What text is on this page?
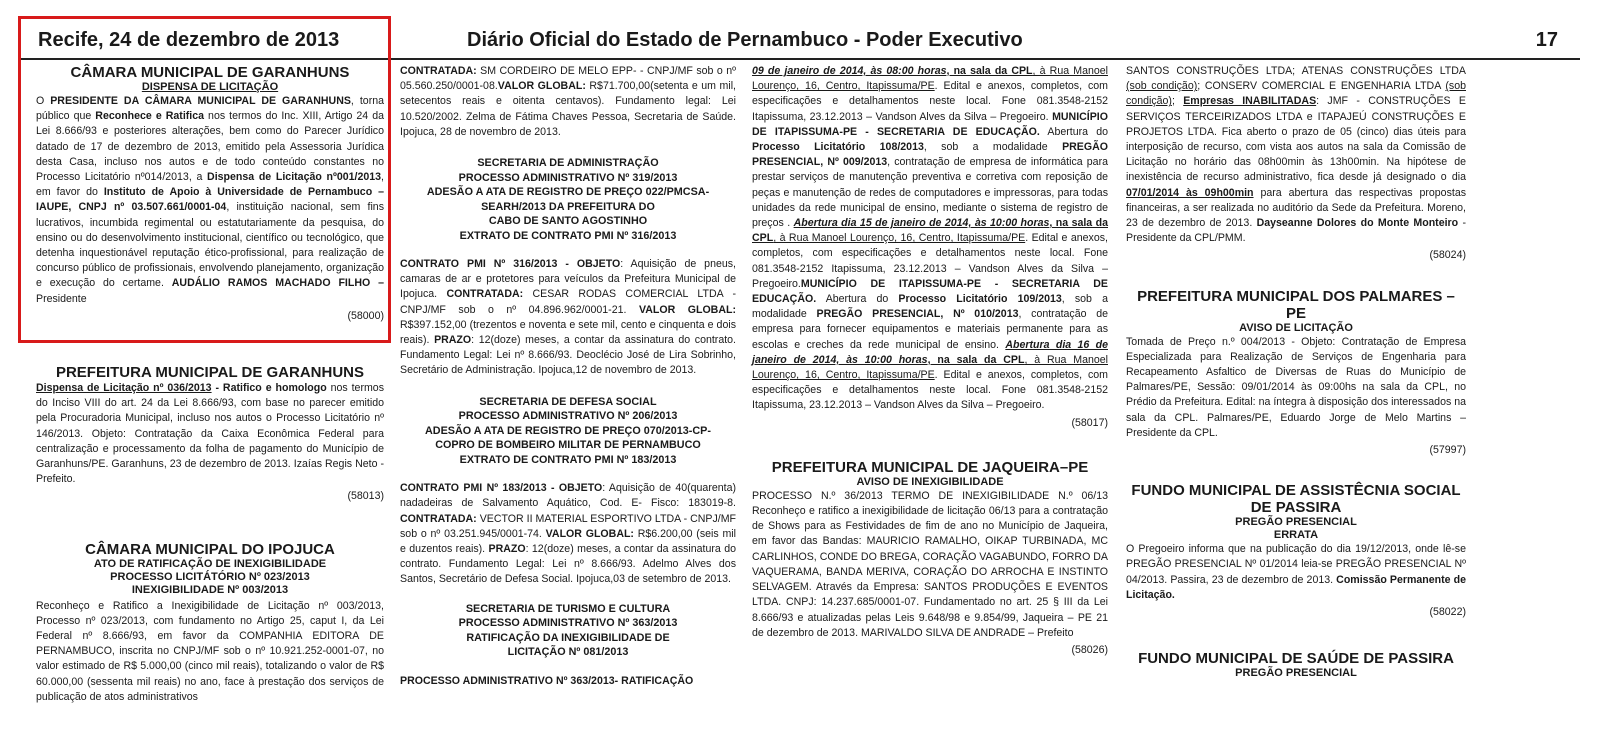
Recife, 24 de dezembro de 2013	Diário Oficial do Estado de Pernambuco - Poder Executivo	17
CÂMARA MUNICIPAL DE GARANHUNS
DISPENSA DE LICITAÇÃO

O PRESIDENTE DA CÂMARA MUNICIPAL DE GARANHUNS, torna público que Reconhece e Ratifica nos termos do Inc. XIII, Artigo 24 da Lei 8.666/93 e posteriores alterações, bem como do Parecer Jurídico datado de 17 de dezembro de 2013, emitido pela Assessoria Jurídica desta Casa, incluso nos autos e de todo conteúdo constantes no Processo Licitatório nº014/2013, a Dispensa de Licitação nº001/2013, em favor do Instituto de Apoio à Universidade de Pernambuco – IAUPE, CNPJ nº 03.507.661/0001-04, instituição nacional, sem fins lucrativos, incumbida regimental ou estatutariamente da pesquisa, do ensino ou do desenvolvimento institucional, científico ou tecnológico, que detenha inquestionável reputação ético-profissional, para realização de concurso público de profissionais, envolvendo planejamento, organização e execução do certame. AUDÁLIO RAMOS MACHADO FILHO – Presidente

(58000)

PREFEITURA MUNICIPAL DE GARANHUNS

Dispensa de Licitação nº 036/2013 - Ratifico e homologo nos termos do Inciso VIII do art. 24 da Lei 8.666/93, com base no parecer emitido pela Procuradoria Municipal, incluso nos autos o Processo Licitatório nº 146/2013. Objeto: Contratação da Caixa Econômica Federal para centralização e processamento da folha de pagamento do Município de Garanhuns/PE. Garanhuns, 23 de dezembro de 2013. Izaías Regis Neto - Prefeito.

(58013)

CÂMARA MUNICIPAL DO IPOJUCA
ATO DE RATIFICAÇÃO DE INEXIGIBILIDADE
PROCESSO LICITÁTÓRIO Nº 023/2013
INEXIGIBILIDADE Nº 003/2013

Reconheço e Ratifico a Inexigibilidade de Licitação nº 003/2013, Processo nº 023/2013, com fundamento no Artigo 25, caput I, da Lei Federal nº 8.666/93, em favor da COMPANHIA EDITORA DE PERNAMBUCO, inscrita no CNPJ/MF sob o nº 10.921.252-0001-07, no valor estimado de R$ 5.000,00 (cinco mil reais), totalizando o valor de R$ 60.000,00 (sessenta mil reais) no ano, face à prestação dos serviços de publicação de atos administrativos

CONTRATADA: SM CORDEIRO DE MELO EPP- - CNPJ/MF sob o nº 05.560.250/0001-08.VALOR GLOBAL: R$71.700,00(setenta e um mil, setecentos reais e oitenta centavos). Fundamento legal: Lei 10.520/2002. Zelma de Fátima Chaves Pessoa, Secretaria de Saúde. Ipojuca, 28 de novembro de 2013.

SECRETARIA DE ADMINISTRAÇÃO
PROCESSO ADMINISTRATIVO Nº 319/2013
ADESÃO A ATA DE REGISTRO DE PREÇO 022/PMCSA-
SEARH/2013 DA PREFEITURA DO
CABO DE SANTO AGOSTINHO
EXTRATO DE CONTRATO PMI Nº 316/2013

CONTRATO PMI Nº 316/2013 - OBJETO: Aquisição de pneus, camaras de ar e protetores para veículos da Prefeitura Municipal de Ipojuca. CONTRATADA: CESAR RODAS COMERCIAL LTDA - CNPJ/MF sob o nº 04.896.962/0001-21. VALOR GLOBAL: R$397.152,00 (trezentos e noventa e sete mil, cento e cinquenta e dois reais). PRAZO: 12(doze) meses, a contar da assinatura do contrato. Fundamento Legal: Lei nº 8.666/93. Deoclécio José de Lira Sobrinho, Secretário de Administração. Ipojuca,12 de novembro de 2013.

SECRETARIA DE DEFESA SOCIAL
PROCESSO ADMINISTRATIVO Nº 206/2013
ADESÃO A ATA DE REGISTRO DE PREÇO 070/2013-CP-
COPRO DE BOMBEIRO MILITAR DE PERNAMBUCO
EXTRATO DE CONTRATO PMI Nº 183/2013

CONTRATO PMI Nº 183/2013 - OBJETO: Aquisição de 40(quarenta) nadadeiras de Salvamento Aquático, Cod. E- Fisco: 183019-8. CONTRATADA: VECTOR II MATERIAL ESPORTIVO LTDA - CNPJ/MF sob o nº 03.251.945/0001-74. VALOR GLOBAL: R$6.200,00 (seis mil e duzentos reais). PRAZO: 12(doze) meses, a contar da assinatura do contrato. Fundamento Legal: Lei nº 8.666/93. Adelmo Alves dos Santos, Secretário de Defesa Social. Ipojuca,03 de setembro de 2013.

SECRETARIA DE TURISMO E CULTURA
PROCESSO ADMINISTRATIVO Nº 363/2013
RATIFICAÇÃO DA INEXIGIBILIDADE DE
LICITAÇÃO Nº 081/2013

PROCESSO ADMINISTRATIVO Nº 363/2013- RATIFICAÇÃO

09 de janeiro de 2014, às 08:00 horas, na sala da CPL, à Rua Manoel Lourenço, 16, Centro, Itapissuma/PE. Edital e anexos, completos, com especificações e detalhamentos neste local. Fone 081.3548-2152 Itapissuma, 23.12.2013 – Vandson Alves da Silva – Pregoeiro. MUNICÍPIO DE ITAPISSUMA-PE - SECRETARIA DE EDUCAÇÃO. Abertura do Processo Licitatório 108/2013, sob a modalidade PREGÃO PRESENCIAL, Nº 009/2013, contratação de empresa de informática para prestar serviços de manutenção preventiva e corretiva com reposição de peças e manutenção de redes de computadores e impressoras, para todas unidades da rede municipal de ensino, mediante o sistema de registro de preços . Abertura dia 15 de janeiro de 2014, às 10:00 horas, na sala da CPL, à Rua Manoel Lourenço, 16, Centro, Itapissuma/PE. Edital e anexos, completos, com especificações e detalhamentos neste local. Fone 081.3548-2152 Itapissuma, 23.12.2013 – Vandson Alves da Silva – Pregoeiro.MUNICÍPIO DE ITAPISSUMA-PE - SECRETARIA DE EDUCAÇÃO. Abertura do Processo Licitatório 109/2013, sob a modalidade PREGÃO PRESENCIAL, Nº 010/2013, contratação de empresa para fornecer equipamentos e materiais permanente para as escolas e creches da rede municipal de ensino. Abertura dia 16 de janeiro de 2014, às 10:00 horas, na sala da CPL, à Rua Manoel Lourenço, 16, Centro, Itapissuma/PE. Edital e anexos, completos, com especificações e detalhamentos neste local. Fone 081.3548-2152 Itapissuma, 23.12.2013 – Vandson Alves da Silva – Pregoeiro.

(58017)

PREFEITURA MUNICIPAL DE JAQUEIRA–PE
AVISO DE INEXIGIBILIDADE

PROCESSO N.º 36/2013 TERMO DE INEXIGIBILIDADE N.º 06/13 Reconheço e ratifico a inexigibilidade de licitação 06/13 para a contratação de Shows para as Festividades de fim de ano no Município de Jaqueira, em favor das Bandas: MAURICIO RAMALHO, OIKAP TURBINADA, MC CARLINHOS, CONDE DO BREGA, CORAÇÃO VAGABUNDO, FORRO DA VAQUERAMA, BANDA MERIVA, CORAÇÃO DO ARROCHA E INSTINTO SELVAGEM. Através da Empresa: SANTOS PRODUÇÕES E EVENTOS LTDA. CNPJ: 14.237.685/0001-07. Fundamentado no art. 25 § III da Lei 8.666/93 e atualizadas pelas Leis 9.648/98 e 9.854/99, Jaqueira – PE 21 de dezembro de 2013. MARIVALDO SILVA DE ANDRADE – Prefeito

(58026)

SANTOS CONSTRUÇÕES LTDA; ATENAS CONSTRUÇÕES LTDA (sob condição); CONSERV COMERCIAL E ENGENHARIA LTDA (sob condição); Empresas INABILITADAS: JMF - CONSTRUÇÕES E SERVIÇOS TERCEIRIZADOS LTDA e ITAPAJEÚ CONSTRUÇÕES E PROJETOS LTDA. Fica aberto o prazo de 05 (cinco) dias úteis para interposição de recurso, com vista aos autos na sala da Comissão de Licitação no horário das 08h00min às 13h00min. Na hipótese de inexistência de recurso administrativo, fica desde já designado o dia 07/01/2014 às 09h00min para abertura das respectivas propostas financeiras, a ser realizada no auditório da Sede da Prefeitura. Moreno, 23 de dezembro de 2013. Dayseanne Dolores do Monte Monteiro - Presidente da CPL/PMM.

(58024)

PREFEITURA MUNICIPAL DOS PALMARES – PE
AVISO DE LICITAÇÃO

Tomada de Preço n.º 004/2013 - Objeto: Contratação de Empresa Especializada para Realização de Serviços de Engenharia para Recapeamento Asfaltico de Diversas de Ruas do Município de Palmares/PE, Sessão: 09/01/2014 às 09:00hs na sala da CPL, no Prédio da Prefeitura. Edital: na íntegra à disposição dos interessados na sala da CPL. Palmares/PE, Eduardo Jorge de Melo Martins – Presidente da CPL.

(57997)

FUNDO MUNICIPAL DE ASSISTÊCNIA SOCIAL DE PASSIRA
PREGÃO PRESENCIAL
ERRATA

O Pregoeiro informa que na publicação do dia 19/12/2013, onde lê-se PREGÃO PRESENCIAL Nº 01/2014 leia-se PREGÃO PRESENCIAL Nº 04/2013. Passira, 23 de dezembro de 2013. Comissão Permanente de Licitação.

(58022)

FUNDO MUNICIPAL DE SAÚDE DE PASSIRA
PREGÃO PRESENCIAL
